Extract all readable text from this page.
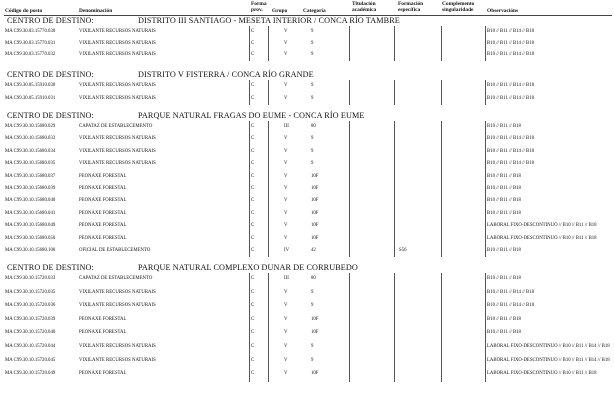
Código do posto	Denominación
Forma prov.	Grupo	Categoría
Titulación académica
Formación específica
Complemento singularidade	Observacións
CENTRO DE DESTINO:	DISTRITO III SANTIAGO - MESETA INTERIOR / CONCA RÍO TAMBRE
MA C99.30.03.15770.030	VIXILANTE RECURSOS NATURAIS	C	V	9	B10 // B11 // B14 // B18
MA C99.30.03.15770.031	VIXILANTE RECURSOS NATURAIS	C	V	9	B10 // B11 // B14 // B18
MA C99.30.03.15770.032	VIXILANTE RECURSOS NATURAIS	C	V	9	B10 // B11 // B14 // B18
CENTRO DE DESTINO:	DISTRITO V FISTERRA / CONCA RÍO GRANDE
MA C99.30.05.15910.030	VIXILANTE RECURSOS NATURAIS	C	V	9	B10 // B11 // B14 // B18
MA C99.30.05.15910.031	VIXILANTE RECURSOS NATURAIS	C	V	9	B10 // B11 // B14 // B18
CENTRO DE DESTINO:	PARQUE NATURAL FRAGAS DO EUME - CONCA RÍO EUME
MA C99.30.10.15680.029	CAPATAZ DE ESTABLECEMENTO	C	III	80	B10 // B11 // B18
MA C99.30.10.15680.033	VIXILANTE RECURSOS NATURAIS	C	V	9	B10 // B11 // B14 // B18
MA C99.30.10.15680.034	VIXILANTE RECURSOS NATURAIS	C	V	9	B10 // B11 // B14 // B18
MA C99.30.10.15680.035	VIXILANTE RECURSOS NATURAIS	C	V	9	B10 // B11 // B14 // B18
MA C99.30.10.15680.037	PEONAXE FORESTAL	C	V	10F	B10 // B11 // B18
MA C99.30.10.15680.039	PEONAXE FORESTAL	C	V	10F	B10 // B11 // B18
MA C99.30.10.15680.040	PEONAXE FORESTAL	C	V	10F	B10 // B11 // B18
MA C99.30.10.15680.041	PEONAXE FORESTAL	C	V	10F	B10 // B11 // B18
MA C99.30.10.15680.049	PEONAXE FORESTAL	C	V	10F	LABORAL FIXO-DESCONTINUO // B10 // B11 // B18
MA C99.30.10.15680.050	PEONAXE FORESTAL	C	V	10F	LABORAL FIXO-DESCONTINUO // B10 // B11 // B18
MA C99.30.10.15680.100	OFICIAL DE ESTABLECEMENTO	C	IV	42	S56	B10 // B11 // B18
CENTRO DE DESTINO:	PARQUE NATURAL COMPLEXO DUNAR DE CORRUBEDO
MA C99.30.10.15720.033	CAPATAZ DE ESTABLECEMENTO	C	III	80	B10 // B11 // B18
MA C99.30.10.15720.035	VIXILANTE RECURSOS NATURAIS	C	V	9	B10 // B11 // B14 // B18
MA C99.30.10.15720.036	VIXILANTE RECURSOS NATURAIS	C	V	9	B10 // B11 // B14 // B18
MA C99.30.10.15720.039	PEONAXE FORESTAL	C	V	10F	B10 // B11 // B18
MA C99.30.10.15720.040	PEONAXE FORESTAL	C	V	10F	B10 // B11 // B18
MA C99.30.10.15720.044	VIXILANTE RECURSOS NATURAIS	C	V	9	LABORAL FIXO-DESCONTINUO // B10 // B11 // B14 // B18
MA C99.30.10.15720.045	VIXILANTE RECURSOS NATURAIS	C	V	9	LABORAL FIXO-DESCONTINUO // B10 // B11 // B14 // B18
MA C99.30.10.15720.049	PEONAXE FORESTAL	C	V	10F	LABORAL FIXO-DESCONTINUO // B10 // B11 // B18
